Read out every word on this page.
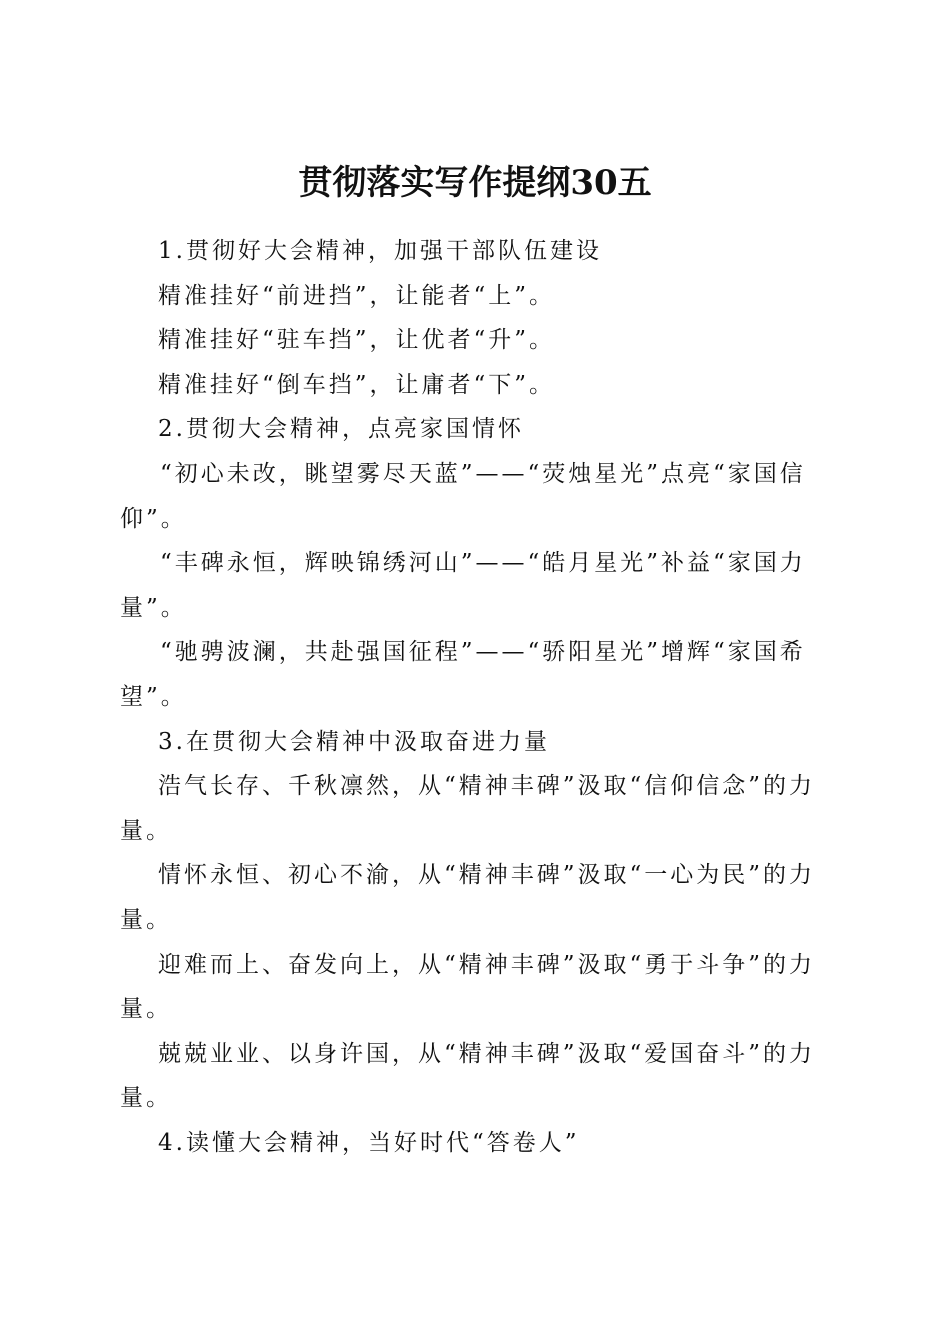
贯彻落实写作提纲30五

1.贯彻好大会精神，加强干部队伍建设

精准挂好“前进挡”，让能者“上”。

精准挂好“驻车挡”，让优者“升”。

精准挂好“倒车挡”，让庸者“下”。

2.贯彻大会精神，点亮家国情怀

“初心未改，眺望雾尽天蓝”——“荧烛星光”点亮“家国信仰”。

“丰碑永恒，辉映锦绣河山”——“皓月星光”补益“家国力量”。

“驰骋波澜，共赴强国征程”——“骄阳星光”增辉“家国希望”。

3.在贯彻大会精神中汲取奋进力量

浩气长存、千秋凛然，从“精神丰碑”汲取“信仰信念”的力量。

情怀永恒、初心不渝，从“精神丰碑”汲取“一心为民”的力量。

迎难而上、奋发向上，从“精神丰碑”汲取“勇于斗争”的力量。

兢兢业业、以身许国，从“精神丰碑”汲取“爱国奋斗”的力量。

4.读懂大会精神，当好时代“答卷人”
